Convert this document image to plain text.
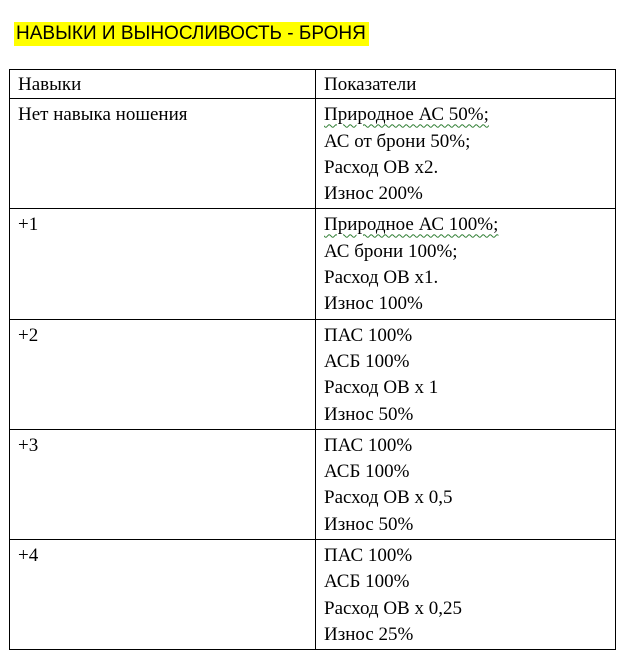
НАВЫКИ И ВЫНОСЛИВОСТЬ - БРОНЯ
Навыки	Показатели
Нет навыка ношения	Природное АС 50%;
АС от брони 50%;
Расход ОВ х2.
Износ 200%

+1	Природное АС 100%;
АС брони 100%;
Расход ОВ х1.
Износ 100%

+2	ПАС 100%
АСБ 100%
Расход ОВ х 1
Износ 50%

+3	ПАС 100%
АСБ 100%
Расход ОВ х 0,5
Износ 50%

+4	ПАС 100%
АСБ 100%
Расход ОВ х 0,25
Износ 25%
